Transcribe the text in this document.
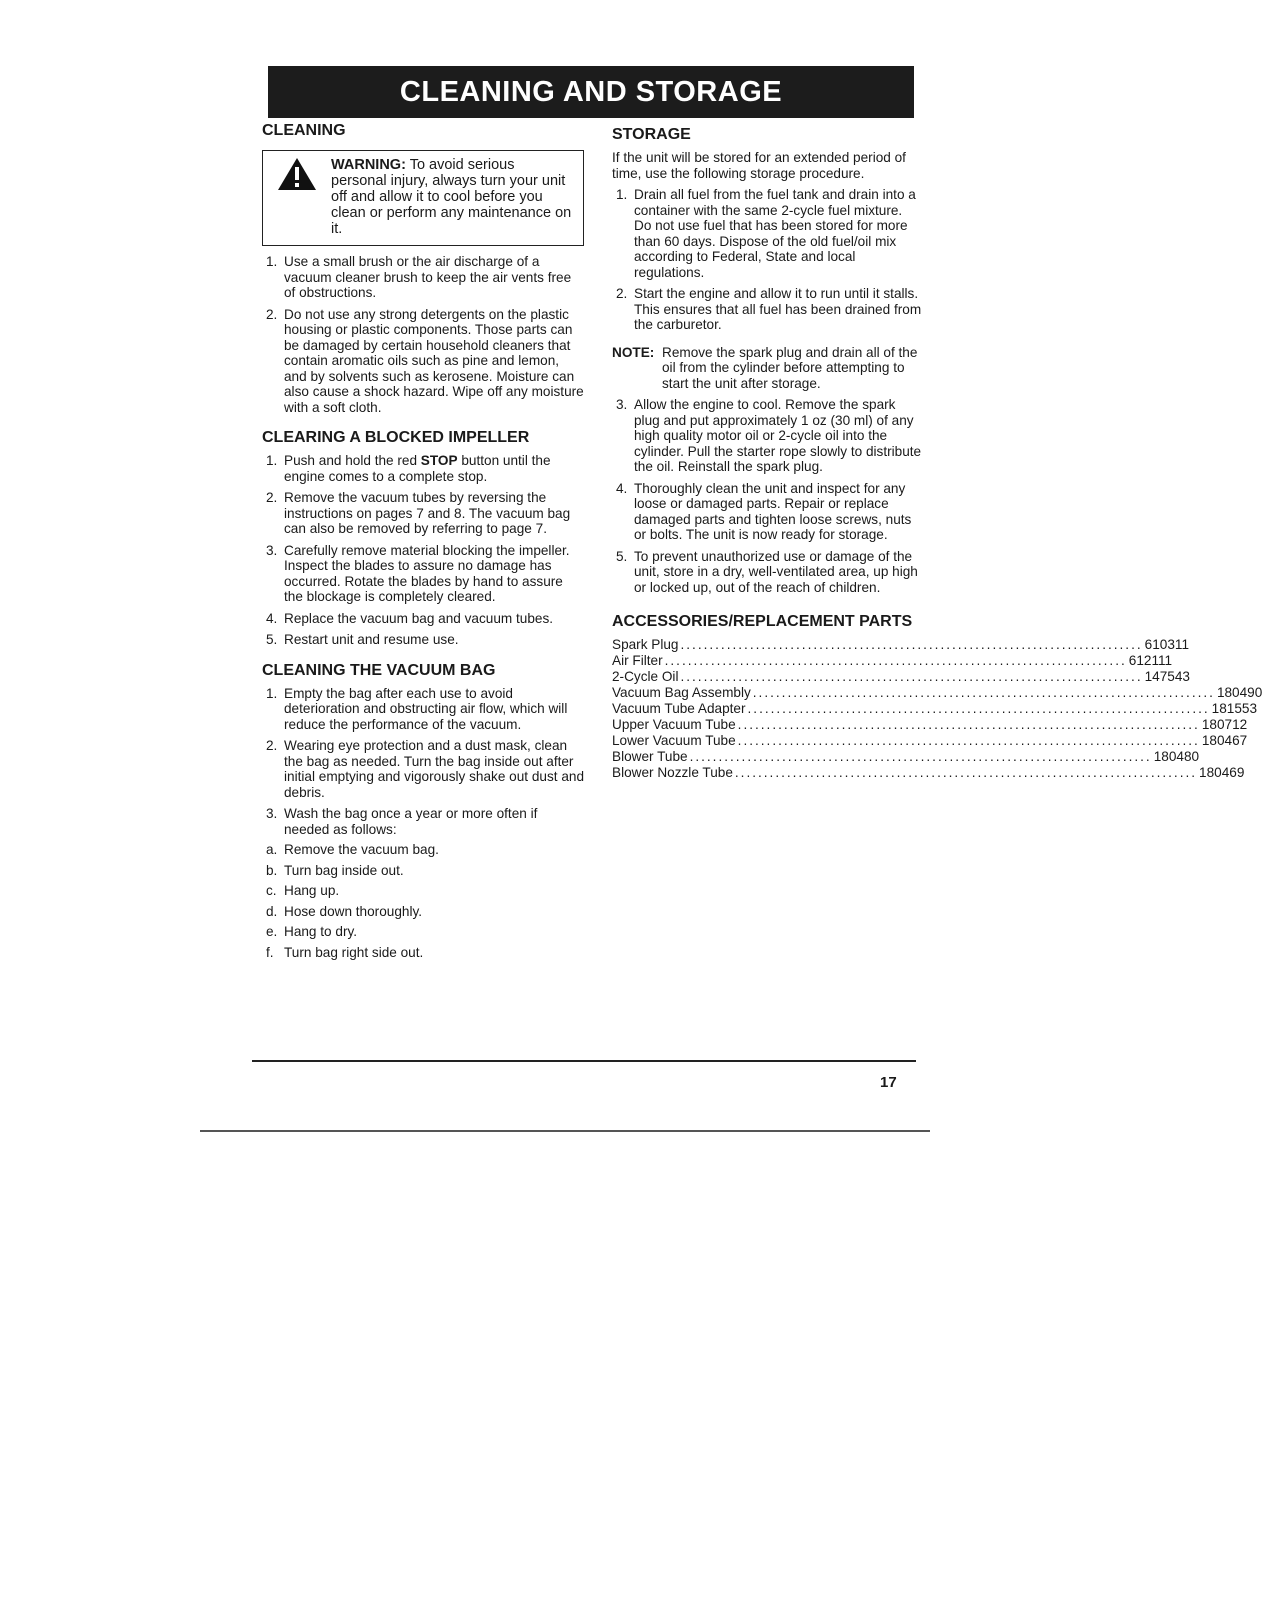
CLEANING AND STORAGE
CLEANING
WARNING: To avoid serious personal injury, always turn your unit off and allow it to cool before you clean or perform any maintenance on it.
1. Use a small brush or the air discharge of a vacuum cleaner brush to keep the air vents free of obstructions.
2. Do not use any strong detergents on the plastic housing or plastic components. Those parts can be damaged by certain household cleaners that contain aromatic oils such as pine and lemon, and by solvents such as kerosene. Moisture can also cause a shock hazard. Wipe off any moisture with a soft cloth.
CLEARING A BLOCKED IMPELLER
1. Push and hold the red STOP button until the engine comes to a complete stop.
2. Remove the vacuum tubes by reversing the instructions on pages 7 and 8. The vacuum bag can also be removed by referring to page 7.
3. Carefully remove material blocking the impeller. Inspect the blades to assure no damage has occurred. Rotate the blades by hand to assure the blockage is completely cleared.
4. Replace the vacuum bag and vacuum tubes.
5. Restart unit and resume use.
CLEANING THE VACUUM BAG
1. Empty the bag after each use to avoid deterioration and obstructing air flow, which will reduce the performance of the vacuum.
2. Wearing eye protection and a dust mask, clean the bag as needed. Turn the bag inside out after initial emptying and vigorously shake out dust and debris.
3. Wash the bag once a year or more often if needed as follows:
a. Remove the vacuum bag.
b. Turn bag inside out.
c. Hang up.
d. Hose down thoroughly.
e. Hang to dry.
f. Turn bag right side out.
STORAGE
If the unit will be stored for an extended period of time, use the following storage procedure.
1. Drain all fuel from the fuel tank and drain into a container with the same 2-cycle fuel mixture. Do not use fuel that has been stored for more than 60 days. Dispose of the old fuel/oil mix according to Federal, State and local regulations.
2. Start the engine and allow it to run until it stalls. This ensures that all fuel has been drained from the carburetor.
NOTE: Remove the spark plug and drain all of the oil from the cylinder before attempting to start the unit after storage.
3. Allow the engine to cool. Remove the spark plug and put approximately 1 oz (30 ml) of any high quality motor oil or 2-cycle oil into the cylinder. Pull the starter rope slowly to distribute the oil. Reinstall the spark plug.
4. Thoroughly clean the unit and inspect for any loose or damaged parts. Repair or replace damaged parts and tighten loose screws, nuts or bolts. The unit is now ready for storage.
5. To prevent unauthorized use or damage of the unit, store in a dry, well-ventilated area, up high or locked up, out of the reach of children.
ACCESSORIES/REPLACEMENT PARTS
Spark Plug ................................................................................ 610311
Air Filter ................................................................................ 612111
2-Cycle Oil ................................................................................ 147543
Vacuum Bag Assembly ................................................................................ 180490
Vacuum Tube Adapter ................................................................................ 181553
Upper Vacuum Tube ................................................................................ 180712
Lower Vacuum Tube ................................................................................ 180467
Blower Tube ................................................................................ 180480
Blower Nozzle Tube ................................................................................ 180469
17
